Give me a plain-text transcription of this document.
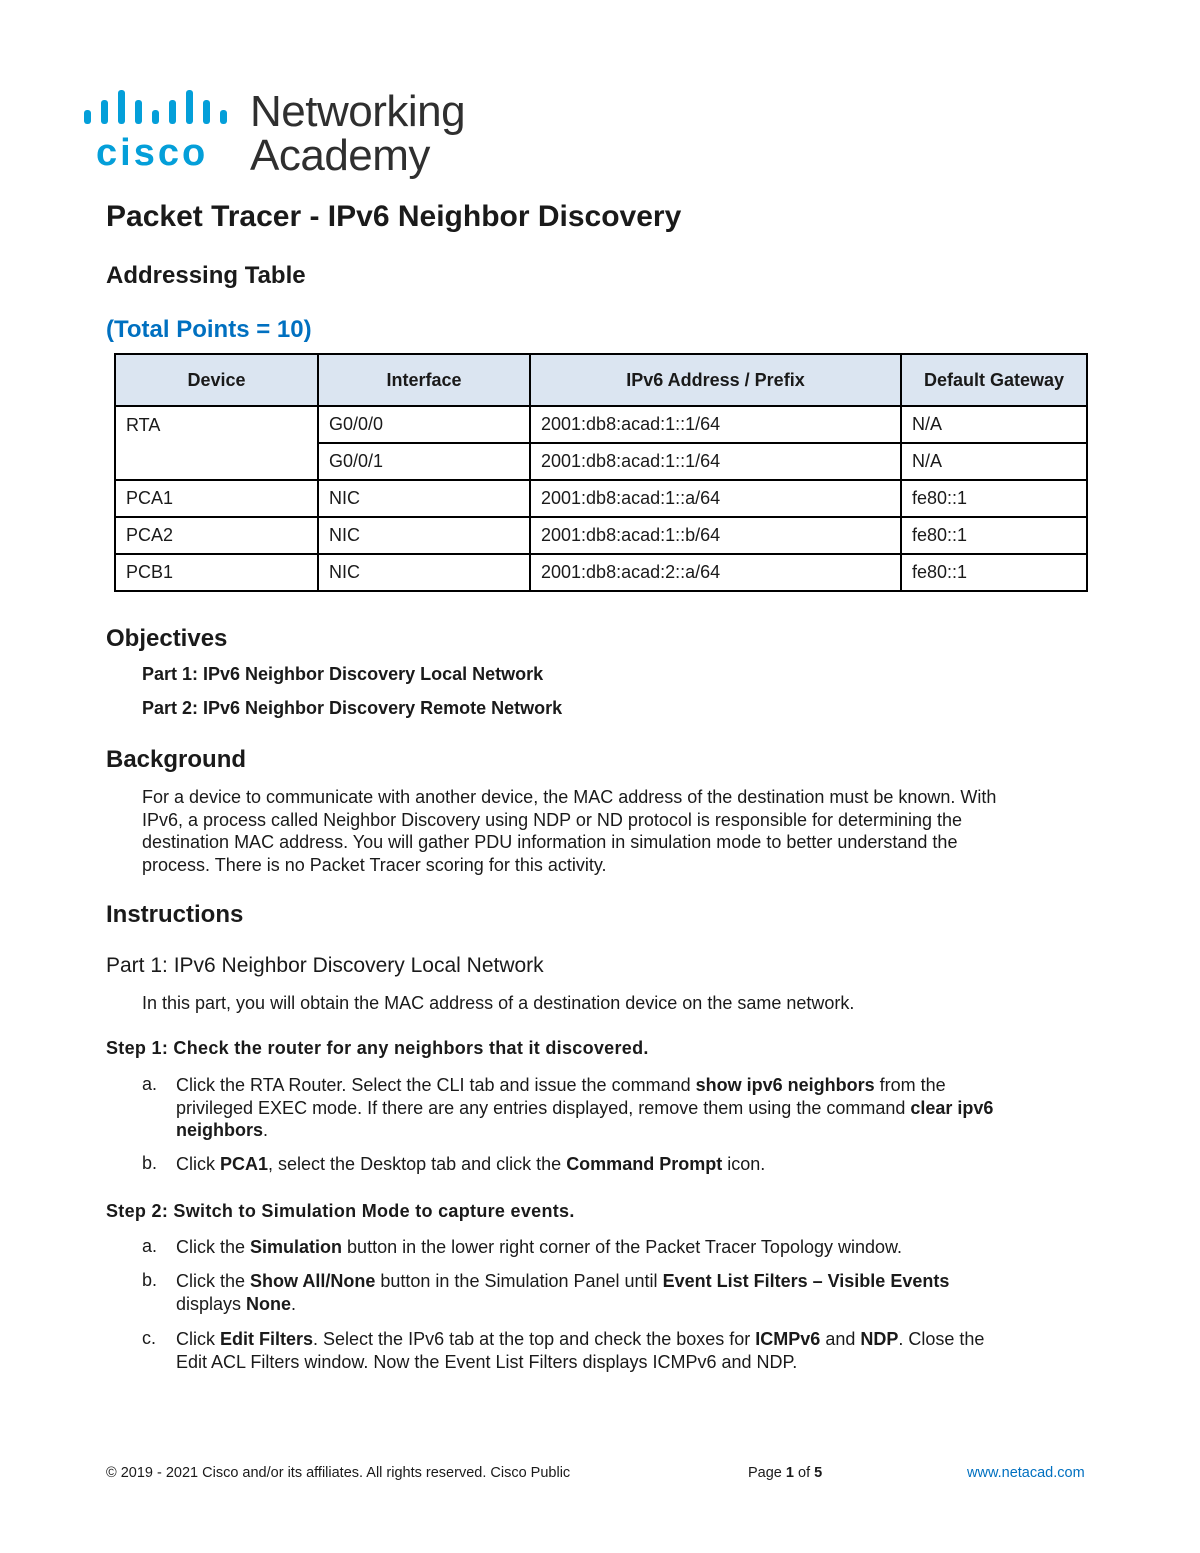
cisco
Networking
Academy
Packet Tracer - IPv6 Neighbor Discovery
Addressing Table
(Total Points = 10)
Device	Interface	IPv6 Address / Prefix	Default Gateway
RTA	G0/0/0	2001:db8:acad:1::1/64	N/A
	G0/0/1	2001:db8:acad:1::1/64	N/A
PCA1	NIC	2001:db8:acad:1::a/64	fe80::1
PCA2	NIC	2001:db8:acad:1::b/64	fe80::1
PCB1	NIC	2001:db8:acad:2::a/64	fe80::1
Objectives
Part 1: IPv6 Neighbor Discovery Local Network
Part 2: IPv6 Neighbor Discovery Remote Network
Background
For a device to communicate with another device, the MAC address of the destination must be known. With
IPv6, a process called Neighbor Discovery using NDP or ND protocol is responsible for determining the
destination MAC address. You will gather PDU information in simulation mode to better understand the
process. There is no Packet Tracer scoring for this activity.
Instructions
Part 1: IPv6 Neighbor Discovery Local Network
In this part, you will obtain the MAC address of a destination device on the same network.
Step 1: Check the router for any neighbors that it discovered.
a. Click the RTA Router. Select the CLI tab and issue the command show ipv6 neighbors from the
privileged EXEC mode. If there are any entries displayed, remove them using the command clear ipv6
neighbors.
b. Click PCA1, select the Desktop tab and click the Command Prompt icon.
Step 2: Switch to Simulation Mode to capture events.
a. Click the Simulation button in the lower right corner of the Packet Tracer Topology window.
b. Click the Show All/None button in the Simulation Panel until Event List Filters – Visible Events
displays None.
c. Click Edit Filters. Select the IPv6 tab at the top and check the boxes for ICMPv6 and NDP. Close the
Edit ACL Filters window. Now the Event List Filters displays ICMPv6 and NDP.
© 2019 - 2021 Cisco and/or its affiliates. All rights reserved. Cisco Public	Page 1 of 5	www.netacad.com
